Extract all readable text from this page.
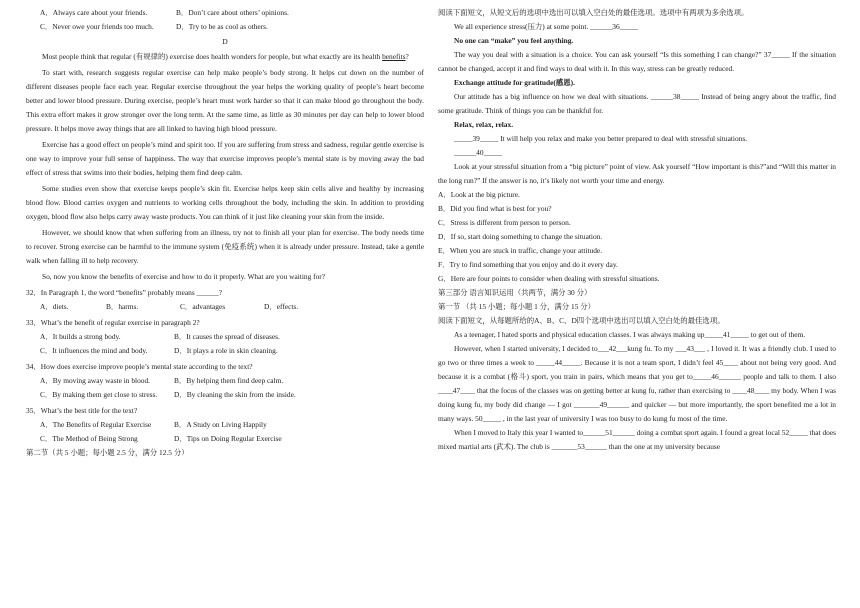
A．Always care about your friends.	B．Don’t care about others’ opinions.
C．Never owe your friends too much.	D．Try to be as cool as others.
D
Most people think that regular (有规律的) exercise does health wonders for people, but what exactly are its health benefits?
To start with, research suggests regular exercise can help make people’s body strong. It helps cut down on the number of different diseases people face each year. Regular exercise throughout the year helps the working quality of people’s heart become better and lower blood pressure. During exercise, people’s heart must work harder so that it can make blood go throughout the body. This extra effort makes it grow stronger over the long term. At the same time, as little as 30 minutes per day can help to lower blood pressure. It helps move away things that are all linked to having high blood pressure.
Exercise has a good effect on people’s mind and spirit too. If you are suffering from stress and sadness, regular gentle exercise is one way to improve your full sense of happiness. The way that exercise improves people’s mental state is by moving away the bad effect of stress that swims into their bodies, helping them find deep calm.
Some studies even show that exercise keeps people’s skin fit. Exercise helps keep skin cells alive and healthy by increasing blood flow. Blood carries oxygen and nutrients to working cells throughout the body, including the skin. In addition to providing oxygen, blood flow also helps carry away waste products. You can think of it just like cleaning your skin from the inside.
However, we should know that when suffering from an illness, try not to finish all your plan for exercise. The body needs time to recover. Strong exercise can be harmful to the immune system (免疫系统) when it is already under pressure. Instead, take a gentle walk when falling ill to help recovery.
So, now you know the benefits of exercise and how to do it properly. What are you waiting for?
32．In Paragraph 1, the word “benefits” probably means ______?
A．diets.	B．harms.	C．advantages	D．effects.
33．What’s the benefit of regular exercise in paragraph 2?
A．It builds a strong body.	B．It causes the spread of diseases.
C．It influences the mind and body.	D．It plays a role in skin cleaning.
34．How does exercise improve people’s mental state according to the text?
A．By moving away waste in blood.	B．By helping them find deep calm.
C．By making them get close to stress. D．By cleaning the skin from the inside.
35．What’s the best title for the text?
A．The Benefits of Regular Exercise	B．A Study on Living Happily
C．The Method of Being Strong	D．Tips on Doing Regular Exercise
第二节（共 5 小题；每小题 2.5 分，满分 12.5 分）
阅读下面短文，从短文后的选项中选出可以填入空白处的最佳选项。选项中有两项为多余选项。
We all experience stress(压力) at some point. ______36_____
No one can “make” you feel anything.
The way you deal with a situation is a choice. You can ask yourself “Is this something I can change?” 37_____ If the situation cannot be changed, accept it and find ways to deal with it. In this way, stress can be greatly reduced.
Exchange attitude for gratitude(感恩).
Our attitude has a big influence on how we deal with situations. ______38_____ Instead of being angry about the traffic, find some gratitude. Think of things you can be thankful for.
Relax, relax, relax.
_____39_____ It will help you relax and make you better prepared to deal with stressful situations.
______40_____
Look at your stressful situation from a “big picture” point of view. Ask yourself “How important is this?”and “Will this matter in the long run?” If the answer is no, it’s likely not worth your time and energy.
A．Look at the big picture.
B．Did you find what is best for you?
C．Stress is different from person to person.
D．If so, start doing something to change the situation.
E．When you are stuck in traffic, change your attitude.
F．Try to find something that you enjoy and do it every day.
G．Here are four points to consider when dealing with stressful situations.
第三部分 语言知识运用（共两节，满分 30 分）
第一节 （共 15 小题；每小题 1 分，满分 15 分）
阅读下面短文，从每题所给的A、B、C、D四个选项中选出可以填入空白处的最佳选项。
As a teenager, I hated sports and physical education classes. I was always making up_____41_____ to get out of them.
However, when I started university, I decided to___42___kung fu. To my ___43___ , I loved it. It was a friendly club. I used to go two or three times a week to _____44_____. Because it is not a team sport, I didn’t feel 45____ about not being very good. And because it is a combat (格斗) sport, you train in pairs, which means that you get to_____46______ people and talk to them. I also ____47____ that the focus of the classes was on getting better at kung fu, rather than exercising to ____48____ my body. When I was doing kung fu, my body did change — I got _______49______ and quicker — but more importantly, the sport benefited me a lot in many ways. 50_____ , in the last year of university I was too busy to do kung fu most of the time.
When I moved to Italy this year I wanted to______51______ doing a combat sport again. I found a great local 52_____ that does mixed martial arts (武术). The club is _______53______ than the one at my university because
